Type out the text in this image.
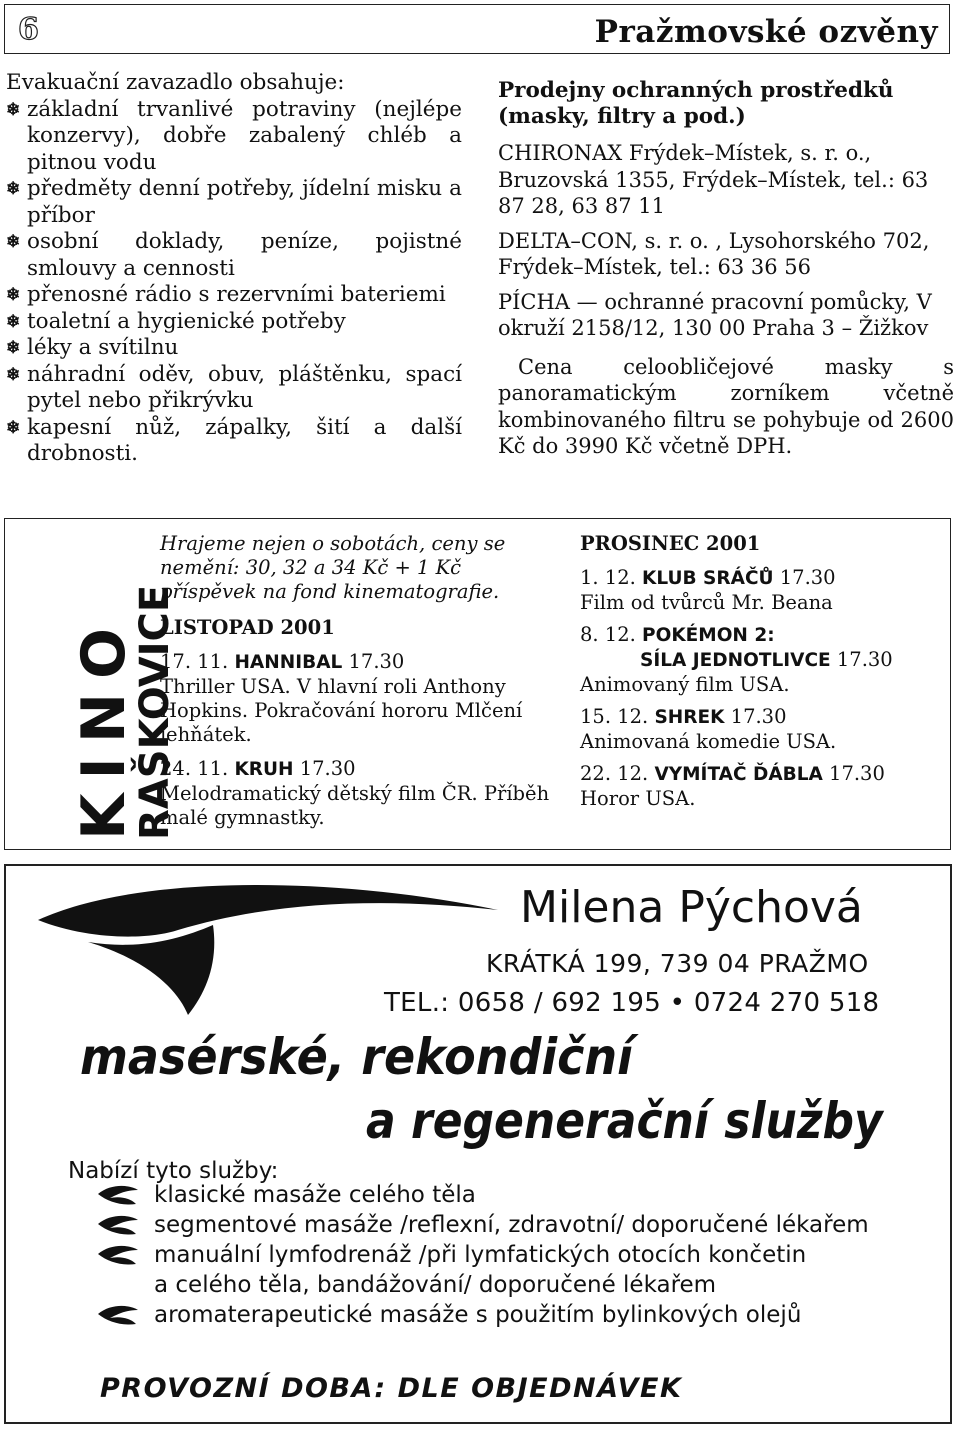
6	Pražmovské ozvěny
Evakuační zavazadlo obsahuje:
❄ základní trvanlivé potraviny (nejlépe konzervy), dobře zabalený chléb a pitnou vodu
❄ předměty denní potřeby, jídelní misku a příbor
❄ osobní doklady, peníze, pojistné smlouvy a cennosti
❄ přenosné rádio s rezervními bateriemi
❄ toaletní a hygienické potřeby
❄ léky a svítilnu
❄ náhradní oděv, obuv, pláštěnku, spací pytel nebo přikrývku
❄ kapesní nůž, zápalky, šití a další drobnosti.
Prodejny ochranných prostředků (masky, filtry a pod.)

CHIRONAX Frýdek–Místek, s. r. o., Bruzovská 1355, Frýdek–Místek, tel.: 63 87 28, 63 87 11

DELTA–CON, s. r. o. , Lysohorského 702, Frýdek–Místek, tel.: 63 36 56

PÍCHA — ochranné pracovní pomůcky, V okruží 2158/12, 130 00 Praha 3 – Žižkov

Cena celoobličejové masky s panoramatickým zorníkem včetně kombinovaného filtru se pohybuje od 2600 Kč do 3990 Kč včetně DPH.

KINO
RAŠKOVICE

Hrajeme nejen o sobotách, ceny se nemění: 30, 32 a 34 Kč + 1 Kč příspěvek na fond kinematografie.

LISTOPAD 2001

17. 11. HANNIBAL 17.30
Thriller USA. V hlavní roli Anthony Hopkins. Pokračování hororu Mlčení jehňátek.

24. 11. KRUH 17.30
Melodramatický dětský film ČR. Příběh malé gymnastky.

PROSINEC 2001

1. 12. KLUB SRÁČŮ 17.30
Film od tvůrců Mr. Beana

8. 12. POKÉMON 2:
SÍLA JEDNOTLIVCE 17.30
Animovaný film USA.

15. 12. SHREK 17.30
Animovaná komedie USA.

22. 12. VYMÍTAČ ĎÁBLA 17.30
Horor USA.

Milena Pýchová
KRÁTKÁ 199, 739 04 PRAŽMO
TEL.: 0658 / 692 195 • 0724 270 518
masérské, rekondiční
a regenerační služby
Nabízí tyto služby:
klasické masáže celého těla
segmentové masáže /reflexní, zdravotní/ doporučené lékařem
manuální lymfodrenáž /při lymfatických otocích končetin
a celého těla, bandážování/ doporučené lékařem
aromaterapeutické masáže s použitím bylinkových olejů
PROVOZNÍ DOBA: DLE OBJEDNÁVEK
